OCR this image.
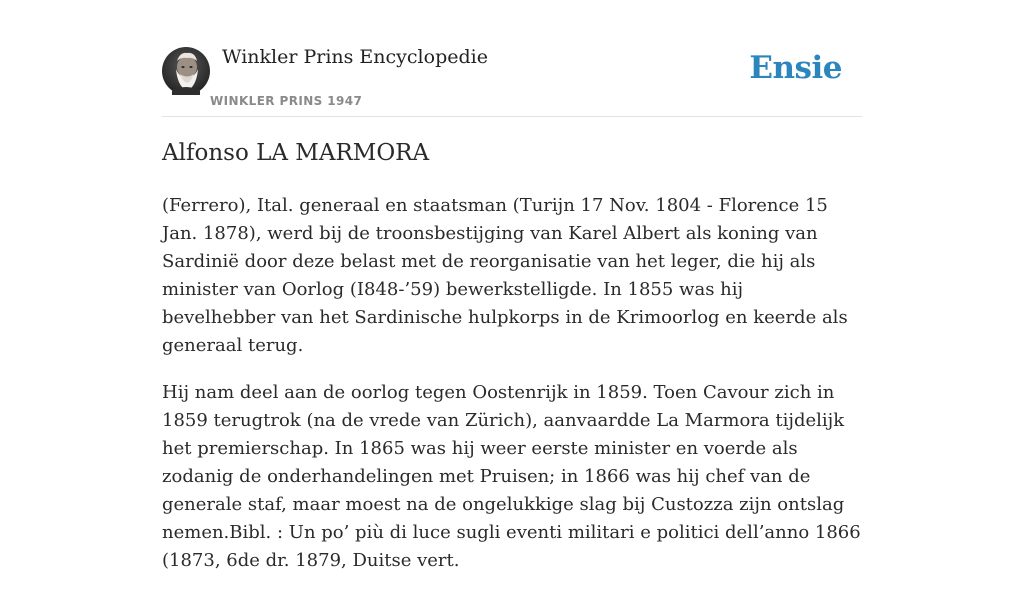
Winkler Prins Encyclopedie
WINKLER PRINS 1947
Ensie
Alfonso LA MARMORA

(Ferrero), Ital. generaal en staatsman (Turijn 17 Nov. 1804 - Florence 15 Jan. 1878), werd bij de troonsbestijging van Karel Albert als koning van Sardinië door deze belast met de reorganisatie van het leger, die hij als minister van Oorlog (I848-’59) bewerkstelligde. In 1855 was hij bevelhebber van het Sardinische hulpkorps in de Krimoorlog en keerde als generaal terug.

Hij nam deel aan de oorlog tegen Oostenrijk in 1859. Toen Cavour zich in 1859 terugtrok (na de vrede van Zürich), aanvaardde La Marmora tijdelijk het premierschap. In 1865 was hij weer eerste minister en voerde als zodanig de onderhandelingen met Pruisen; in 1866 was hij chef van de generale staf, maar moest na de ongelukkige slag bij Custozza zijn ontslag nemen.Bibl. : Un po’ più di luce sugli eventi militari e politici dell’anno 1866 (1873, 6de dr. 1879, Duitse vert.
